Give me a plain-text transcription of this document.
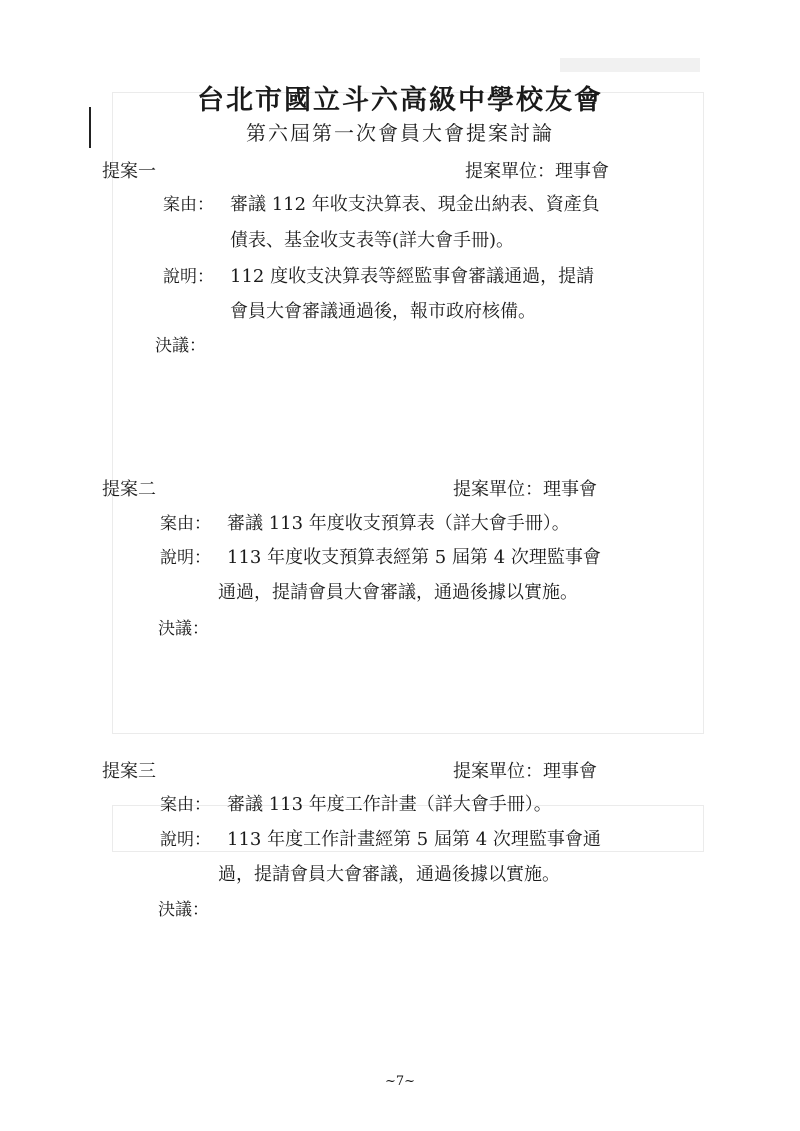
台北市國立斗六高級中學校友會
第六屆第一次會員大會提案討論
提案一	提案單位：理事會
案由： 審議 112 年收支決算表、現金出納表、資產負
債表、基金收支表等(詳大會手冊)。
說明： 112 度收支決算表等經監事會審議通過，提請
會員大會審議通過後，報市政府核備。
決議：
提案二	提案單位：理事會
案由： 審議 113 年度收支預算表（詳大會手冊）。
說明： 113 年度收支預算表經第 5 屆第 4 次理監事會
通過，提請會員大會審議，通過後據以實施。
決議：
提案三	提案單位：理事會
案由： 審議 113 年度工作計畫（詳大會手冊）。
說明： 113 年度工作計畫經第 5 屆第 4 次理監事會通
過，提請會員大會審議，通過後據以實施。
決議：
~7~
